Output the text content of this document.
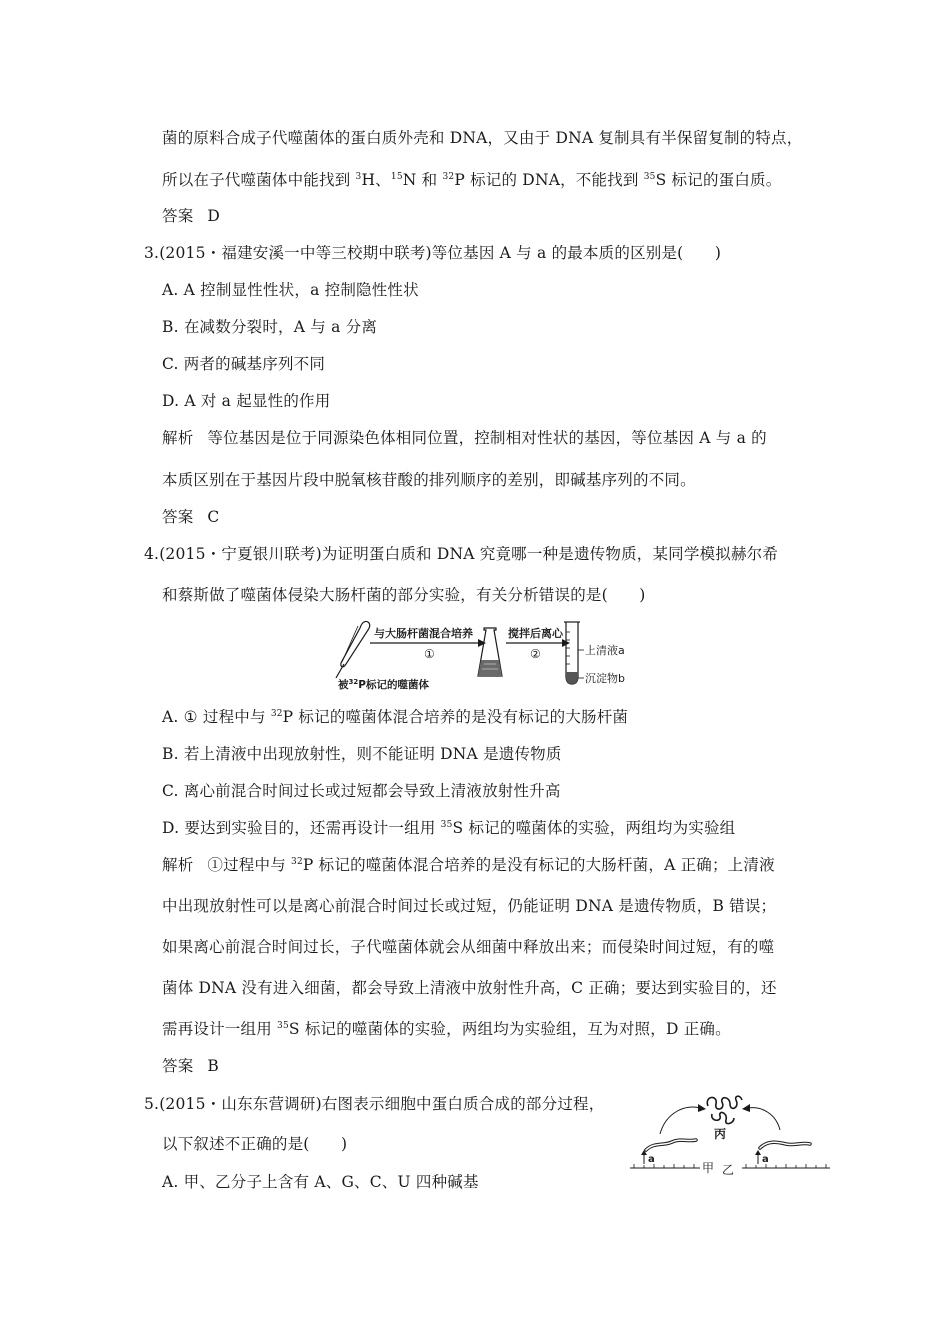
菌的原料合成子代噬菌体的蛋白质外壳和 DNA，又由于 DNA 复制具有半保留复制的特点，
所以在子代噬菌体中能找到 $^3$H、$^{15}$N 和 $^{32}$P 标记的 DNA，不能找到 $^{35}$S 标记的蛋白质。
答案 D
3.(2015・福建安溪一中等三校期中联考)等位基因 A 与 a 的最本质的区别是(　　)
A. A 控制显性性状，a 控制隐性性状
B. 在减数分裂时，A 与 a 分离
C. 两者的碱基序列不同
D. A 对 a 起显性的作用
解析 等位基因是位于同源染色体相同位置，控制相对性状的基因，等位基因 A 与 a 的
本质区别在于基因片段中脱氧核苷酸的排列顺序的差别，即碱基序列的不同。
答案 C
4.(2015・宁夏银川联考)为证明蛋白质和 DNA 究竟哪一种是遗传物质，某同学模拟赫尔希
和蔡斯做了噬菌体侵染大肠杆菌的部分实验，有关分析错误的是(　　)
与大肠杆菌混合培养
①
搅拌后离心
②	上清液a
沉淀物b
被$^{32}$P标记的噬菌体
A. ① 过程中与 $^{32}$P 标记的噬菌体混合培养的是没有标记的大肠杆菌
B. 若上清液中出现放射性，则不能证明 DNA 是遗传物质
C. 离心前混合时间过长或过短都会导致上清液放射性升高
D. 要达到实验目的，还需再设计一组用 $^{35}$S 标记的噬菌体的实验，两组均为实验组
解析 ①过程中与 $^{32}$P 标记的噬菌体混合培养的是没有标记的大肠杆菌，A 正确；上清液
中出现放射性可以是离心前混合时间过长或过短，仍能证明 DNA 是遗传物质，B 错误；
如果离心前混合时间过长，子代噬菌体就会从细菌中释放出来；而侵染时间过短，有的噬
菌体 DNA 没有进入细菌，都会导致上清液中放射性升高，C 正确；要达到实验目的，还
需再设计一组用 $^{35}$S 标记的噬菌体的实验，两组均为实验组，互为对照，D 正确。
答案 B
5.(2015・山东东营调研)右图表示细胞中蛋白质合成的部分过程，
以下叙述不正确的是(　　)
A. 甲、乙分子上含有 A、G、C、U 四种碱基
丙
a	a
甲 乙
